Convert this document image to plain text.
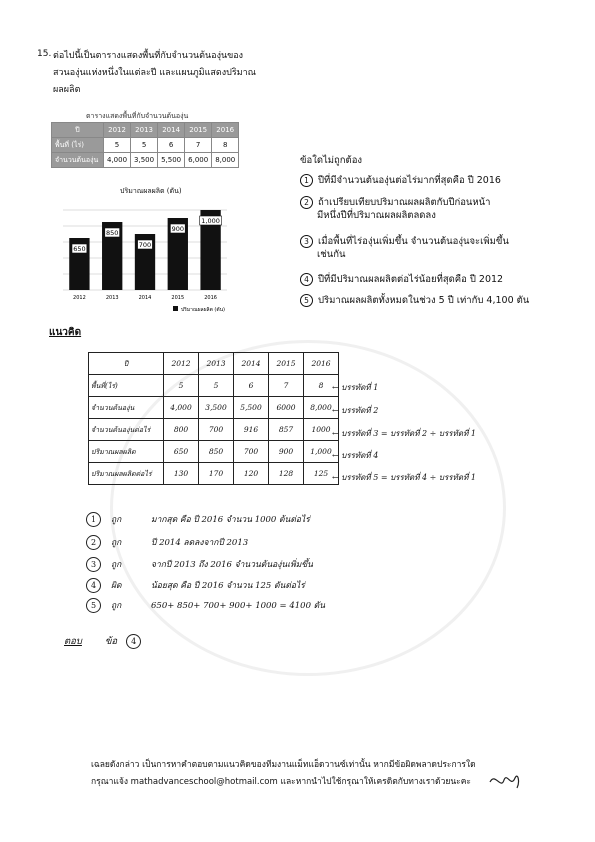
15. ต่อไปนี้เป็นตารางแสดงพื้นที่กับจำนวนต้นองุ่นของ
สวนองุ่นแห่งหนึ่งในแต่ละปี และแผนภูมิแสดงปริมาณ
ผลผลิต
ตารางแสดงพื้นที่กับจำนวนต้นองุ่น
ปี	2012	2013	2014	2015	2016
พื้นที่ (ไร่)	5	5	6	7	8
จำนวนต้นองุ่น	4,000	3,500	5,500	6,000	8,000
ปริมาณผลผลิต (ตัน)
650
850
700
900
1,000
2012	2013	2014	2015	2016
ปริมาณผลผลิต (ตัน)
ข้อใดไม่ถูกต้อง
1 ปีที่มีจำนวนต้นองุ่นต่อไร่มากที่สุดคือ ปี 2016
2 ถ้าเปรียบเทียบปริมาณผลผลิตกับปีก่อนหน้า
มีหนึ่งปีที่ปริมาณผลผลิตลดลง
3 เมื่อพื้นที่ไร่องุ่นเพิ่มขึ้น จำนวนต้นองุ่นจะเพิ่มขึ้น
เช่นกัน
4 ปีที่มีปริมาณผลผลิตต่อไร่น้อยที่สุดคือ ปี 2012
5 ปริมาณผลผลิตทั้งหมดในช่วง 5 ปี เท่ากับ 4,100 ตัน
แนวคิด
ปี	2012	2013	2014	2015	2016
พื้นที่(ไร่)	5	5	6	7	8
จำนวนต้นองุ่น	4,000	3,500	5,500	6000	8,000
จำนวนต้นองุ่นต่อไร่	800	700	916	857	1000
ปริมาณผลผลิต	650	850	700	900	1,000
ปริมาณผลผลิตต่อไร่	130	170	120	128	125
← บรรทัดที่ 1
← บรรทัดที่ 2
← บรรทัดที่ 3 = บรรทัดที่ 2 ÷ บรรทัดที่ 1
← บรรทัดที่ 4
← บรรทัดที่ 5 = บรรทัดที่ 4 ÷ บรรทัดที่ 1
1 ถูก	มากสุด คือ ปี 2016 จำนวน 1000 ต้นต่อไร่
2 ถูก	ปี 2014 ลดลงจากปี 2013
3 ถูก	จากปี 2013 ถึง 2016 จำนวนต้นองุ่นเพิ่มขึ้น
4 ผิด	น้อยสุด คือ ปี 2016 จำนวน 125 ตันต่อไร่
5 ถูก	650+ 850+ 700+ 900+ 1000 = 4100 ตัน
ตอบ ข้อ 4
เฉลยดังกล่าว เป็นการหาคำตอบตามแนวคิดของทีมงานแม็ทแอ็ดวานซ์เท่านั้น หากมีข้อผิดพลาดประการใด
กรุณาแจ้ง mathadvanceschool@hotmail.com และหากนำไปใช้กรุณาให้เครดิตกับทางเราด้วยนะคะ
